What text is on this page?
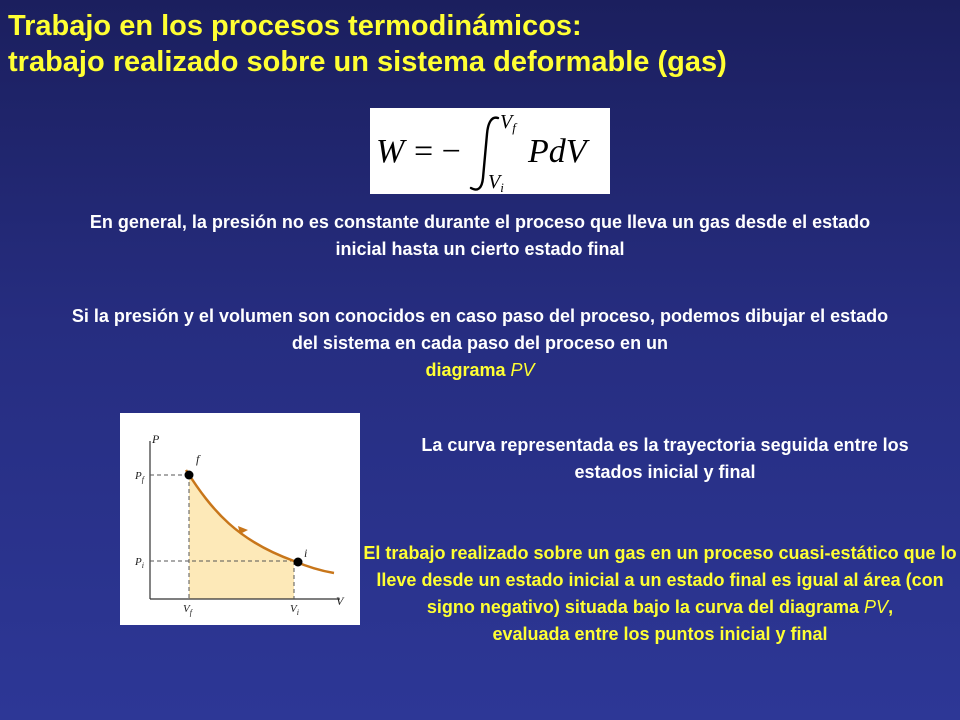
Trabajo en los procesos termodinámicos:
trabajo realizado sobre un sistema deformable (gas)
W = −
$V_f$
$V_i$
PdV
En general, la presión no es constante durante el proceso que lleva un gas desde el estado inicial hasta un cierto estado final
Si la presión y el volumen son conocidos en caso paso del proceso, podemos dibujar el estado del sistema en cada paso del proceso en un
diagrama PV
P
V
f
i
$P_f$
$P_i$
$V_f$	$V_i$
La curva representada es la trayectoria seguida entre los estados inicial y final
El trabajo realizado sobre un gas en un proceso cuasi-estático que lo lleve desde un estado inicial a un estado final es igual al área (con signo negativo) situada bajo la curva del diagrama PV,
evaluada entre los puntos inicial y final
